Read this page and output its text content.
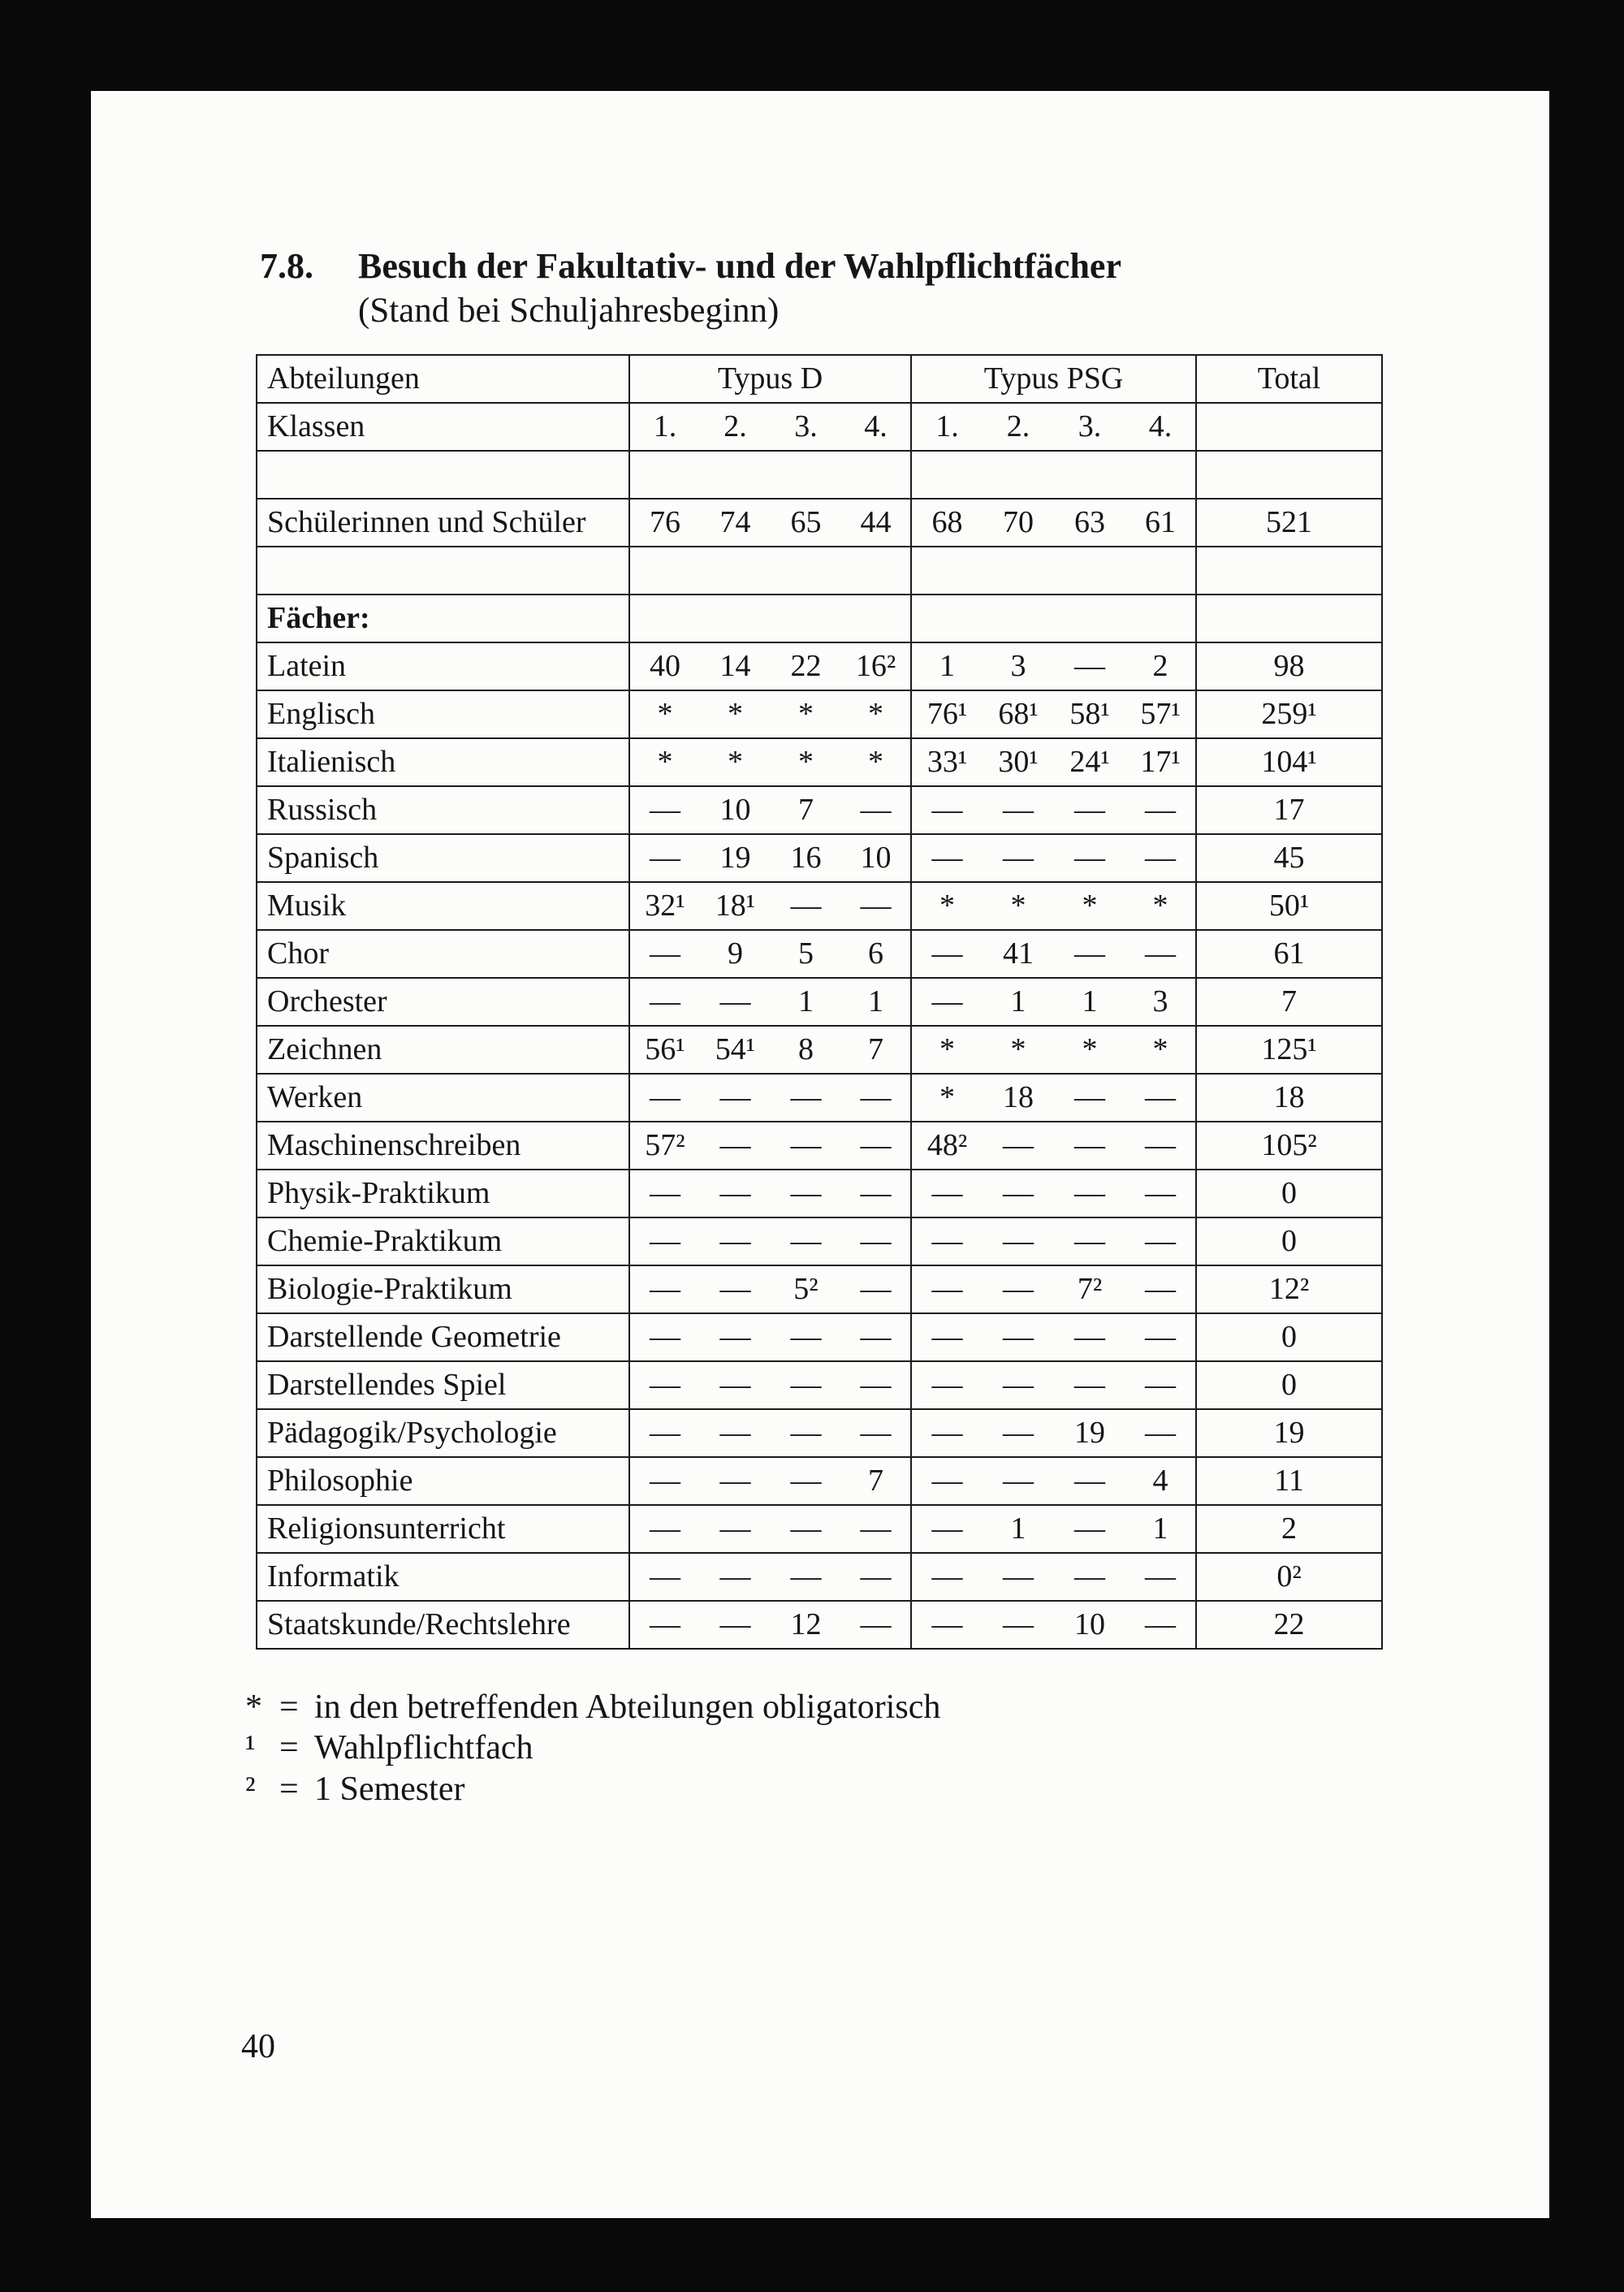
7.8. Besuch der Fakultativ- und der Wahlpflichtfächer
(Stand bei Schuljahresbeginn)
Abteilungen	Typus D				Typus PSG				Total
Klassen	1.	2.	3.	4.	1.	2.	3.	4.	

Schülerinnen und Schüler	76	74	65	44	68	70	63	61	521

Fächer:									
Latein	40	14	22	16²	1	3	—	2	98
Englisch	*	*	*	*	76¹	68¹	58¹	57¹	259¹
Italienisch	*	*	*	*	33¹	30¹	24¹	17¹	104¹
Russisch	—	10	7	—	—	—	—	—	17
Spanisch	—	19	16	10	—	—	—	—	45
Musik	32¹	18¹	—	—	*	*	*	*	50¹
Chor	—	9	5	6	—	41	—	—	61
Orchester	—	—	1	1	—	1	1	3	7
Zeichnen	56¹	54¹	8	7	*	*	*	*	125¹
Werken	—	—	—	—	*	18	—	—	18
Maschinenschreiben	57²	—	—	—	48²	—	—	—	105²
Physik-Praktikum	—	—	—	—	—	—	—	—	0
Chemie-Praktikum	—	—	—	—	—	—	—	—	0
Biologie-Praktikum	—	—	5²	—	—	—	7²	—	12²
Darstellende Geometrie	—	—	—	—	—	—	—	—	0
Darstellendes Spiel	—	—	—	—	—	—	—	—	0
Pädagogik/Psychologie	—	—	—	—	—	—	19	—	19
Philosophie	—	—	—	7	—	—	—	4	11
Religionsunterricht	—	—	—	—	—	1	—	1	2
Informatik	—	—	—	—	—	—	—	—	0²
Staatskunde/Rechtslehre	—	—	12	—	—	—	10	—	22
* = in den betreffenden Abteilungen obligatorisch
¹ = Wahlpflichtfach
² = 1 Semester
40
